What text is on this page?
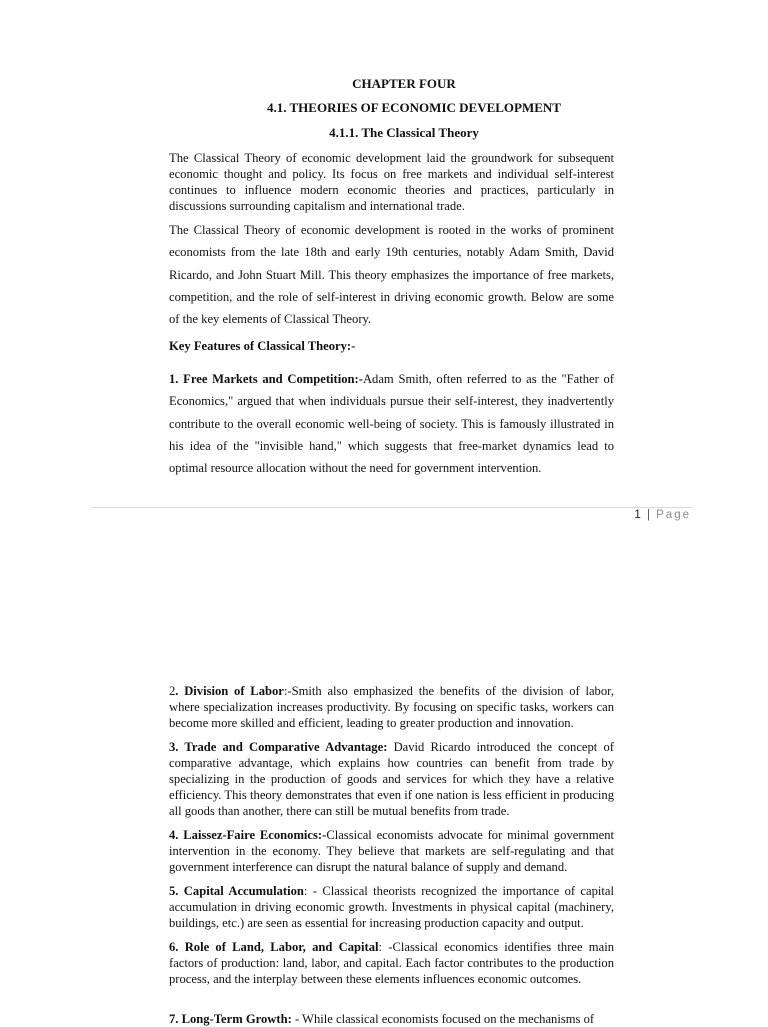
CHAPTER FOUR
4.1. THEORIES OF ECONOMIC DEVELOPMENT
4.1.1. The Classical Theory

The Classical Theory of economic development laid the groundwork for subsequent economic thought and policy. Its focus on free markets and individual self-interest continues to influence modern economic theories and practices, particularly in discussions surrounding capitalism and international trade.

The Classical Theory of economic development is rooted in the works of prominent economists from the late 18th and early 19th centuries, notably Adam Smith, David Ricardo, and John Stuart Mill. This theory emphasizes the importance of free markets, competition, and the role of self-interest in driving economic growth. Below are some of the key elements of Classical Theory.

Key Features of Classical Theory:-

1. Free Markets and Competition:-Adam Smith, often referred to as the "Father of Economics," argued that when individuals pursue their self-interest, they inadvertently contribute to the overall economic well-being of society. This is famously illustrated in his idea of the "invisible hand," which suggests that free-market dynamics lead to optimal resource allocation without the need for government intervention.

1 | Page

2. Division of Labor:-Smith also emphasized the benefits of the division of labor, where specialization increases productivity. By focusing on specific tasks, workers can become more skilled and efficient, leading to greater production and innovation.

3. Trade and Comparative Advantage: David Ricardo introduced the concept of comparative advantage, which explains how countries can benefit from trade by specializing in the production of goods and services for which they have a relative efficiency. This theory demonstrates that even if one nation is less efficient in producing all goods than another, there can still be mutual benefits from trade.

4. Laissez-Faire Economics:-Classical economists advocate for minimal government intervention in the economy. They believe that markets are self-regulating and that government interference can disrupt the natural balance of supply and demand.

5. Capital Accumulation: - Classical theorists recognized the importance of capital accumulation in driving economic growth. Investments in physical capital (machinery, buildings, etc.) are seen as essential for increasing production capacity and output.

6. Role of Land, Labor, and Capital: -Classical economics identifies three main factors of production: land, labor, and capital. Each factor contributes to the production process, and the interplay between these elements influences economic outcomes.

7. Long-Term Growth: - While classical economists focused on the mechanisms of
